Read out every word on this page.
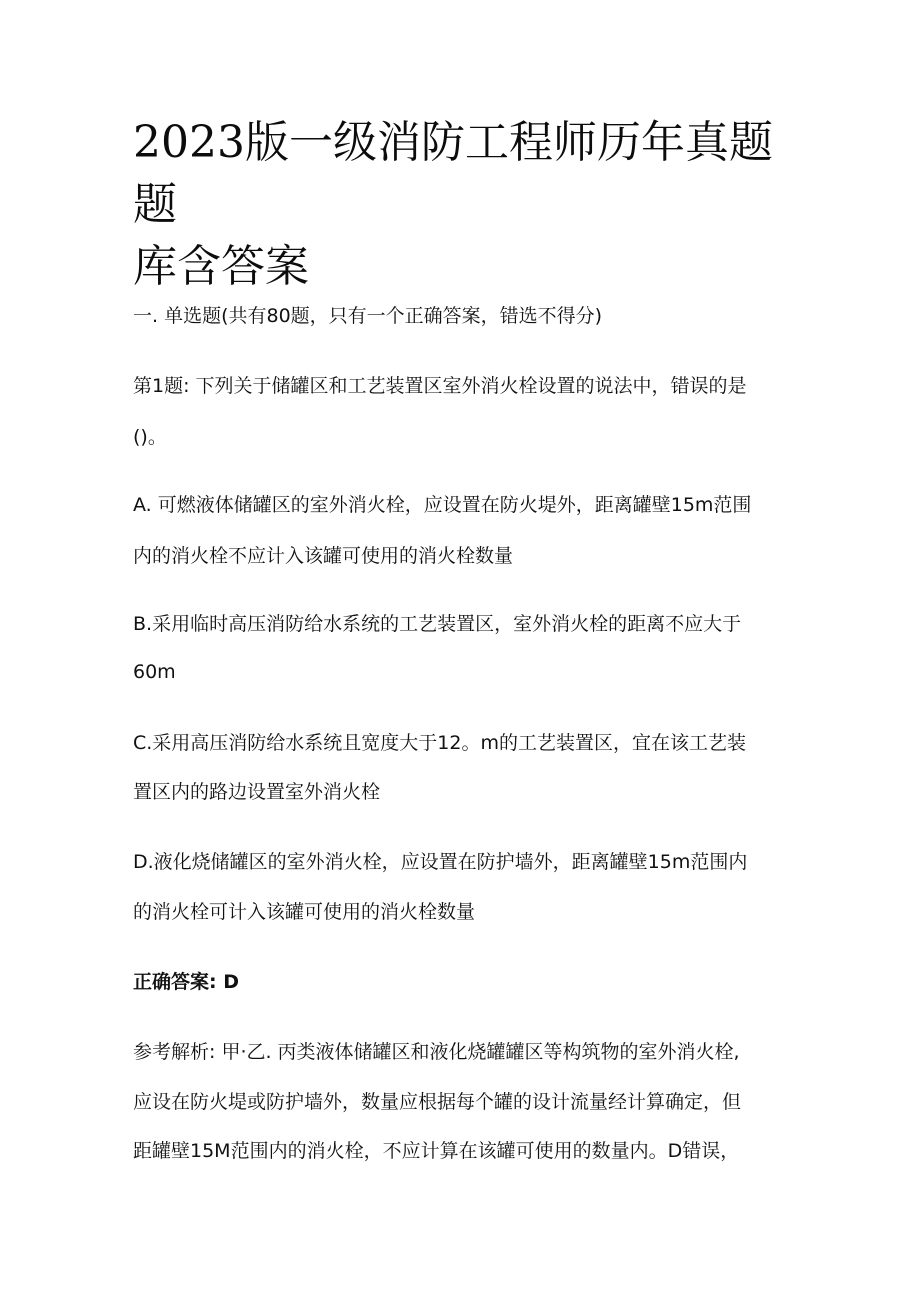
2023版一级消防工程师历年真题题
库含答案

一. 单选题(共有80题，只有一个正确答案，错选不得分)

第1题: 下列关于储罐区和工艺装置区室外消火栓设置的说法中，错误的是

()。

A. 可燃液体储罐区的室外消火栓，应设置在防火堤外，距离罐壁15m范围

内的消火栓不应计入该罐可使用的消火栓数量

B.采用临时高压消防给水系统的工艺装置区，室外消火栓的距离不应大于

60m

C.采用高压消防给水系统且宽度大于12。m的工艺装置区，宜在该工艺装

置区内的路边设置室外消火栓

D.液化烧储罐区的室外消火栓，应设置在防护墙外，距离罐壁15m范围内

的消火栓可计入该罐可使用的消火栓数量

正确答案: D

参考解析: 甲·乙. 丙类液体储罐区和液化烧罐罐区等构筑物的室外消火栓,

应设在防火堤或防护墙外，数量应根据每个罐的设计流量经计算确定，但

距罐壁15M范围内的消火栓，不应计算在该罐可使用的数量内。D错误，
